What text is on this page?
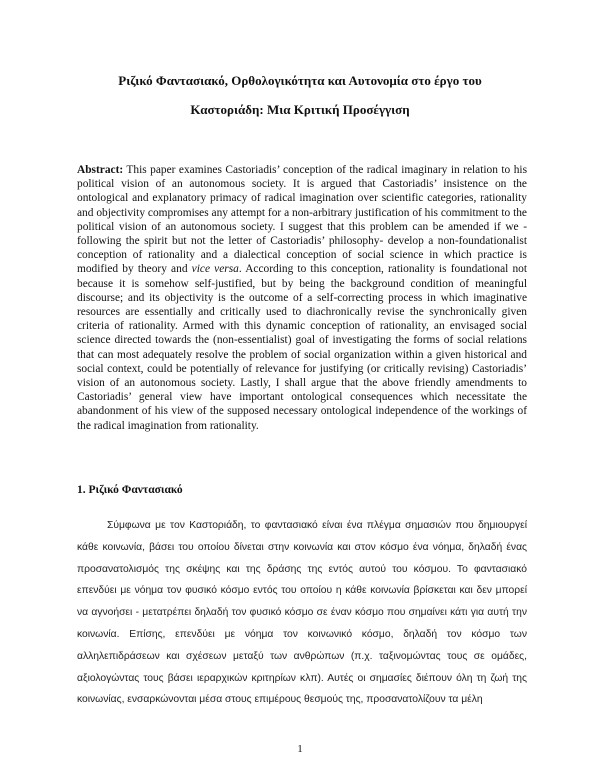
Ριζικό Φαντασιακό, Ορθολογικότητα και Αυτονομία στο έργο του
Καστοριάδη: Μια Κριτική Προσέγγιση

Abstract: This paper examines Castoriadis’ conception of the radical imaginary in relation to his political vision of an autonomous society. It is argued that Castoriadis’ insistence on the ontological and explanatory primacy of radical imagination over scientific categories, rationality and objectivity compromises any attempt for a non-arbitrary justification of his commitment to the political vision of an autonomous society. I suggest that this problem can be amended if we - following the spirit but not the letter of Castoriadis’ philosophy- develop a non-foundationalist conception of rationality and a dialectical conception of social science in which practice is modified by theory and vice versa. According to this conception, rationality is foundational not because it is somehow self-justified, but by being the background condition of meaningful discourse; and its objectivity is the outcome of a self-correcting process in which imaginative resources are essentially and critically used to diachronically revise the synchronically given criteria of rationality. Armed with this dynamic conception of rationality, an envisaged social science directed towards the (non-essentialist) goal of investigating the forms of social relations that can most adequately resolve the problem of social organization within a given historical and social context, could be potentially of relevance for justifying (or critically revising) Castoriadis’ vision of an autonomous society. Lastly, I shall argue that the above friendly amendments to Castoriadis’ general view have important ontological consequences which necessitate the abandonment of his view of the supposed necessary ontological independence of the workings of the radical imagination from rationality.

1. Ριζικό Φαντασιακό

Σύμφωνα με τον Καστοριάδη, το φαντασιακό είναι ένα πλέγμα σημασιών που δημιουργεί κάθε κοινωνία, βάσει του οποίου δίνεται στην κοινωνία και στον κόσμο ένα νόημα, δηλαδή ένας προσανατολισμός της σκέψης και της δράσης της εντός αυτού του κόσμου. Το φαντασιακό επενδύει με νόημα τον φυσικό κόσμο εντός του οποίου η κάθε κοινωνία βρίσκεται και δεν μπορεί να αγνοήσει - μετατρέπει δηλαδή τον φυσικό κόσμο σε έναν κόσμο που σημαίνει κάτι για αυτή την κοινωνία. Επίσης, επενδύει με νόημα τον κοινωνικό κόσμο, δηλαδή τον κόσμο των αλληλεπιδράσεων και σχέσεων μεταξύ των ανθρώπων (π.χ. ταξινομώντας τους σε ομάδες, αξιολογώντας τους βάσει ιεραρχικών κριτηρίων κλπ). Αυτές οι σημασίες διέπουν όλη τη ζωή της κοινωνίας, ενσαρκώνονται μέσα στους επιμέρους θεσμούς της, προσανατολίζουν τα μέλη

1
